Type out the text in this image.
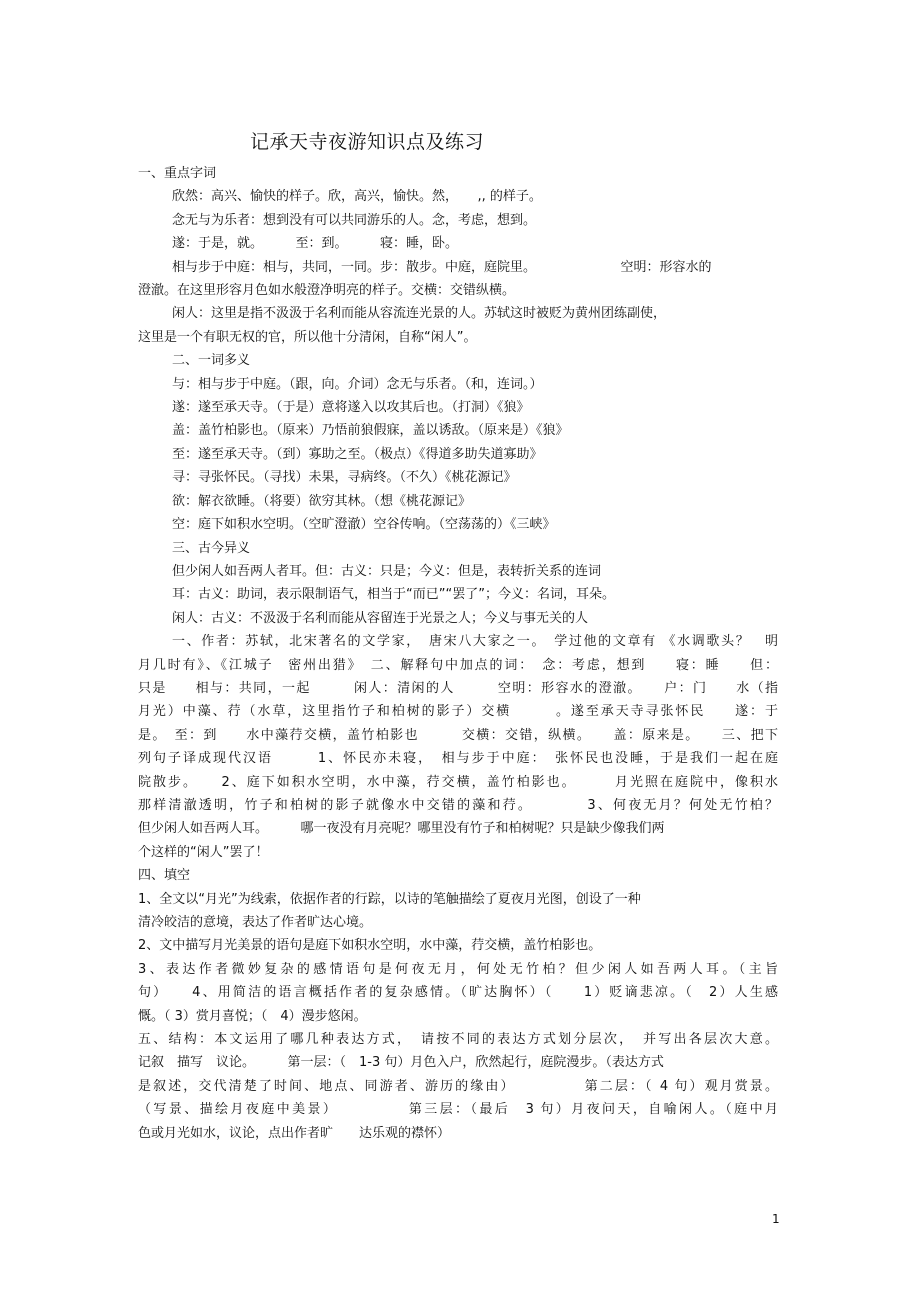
记承天寺夜游知识点及练习

一、重点字词

欣然：高兴、愉快的样子。欣，高兴，愉快。然，　　,, 的样子。

念无与为乐者：想到没有可以共同游乐的人。念，考虑，想到。

遂：于是，就。　　　至：到。　　　寝：睡，卧。

相与步于中庭：相与，共同，一同。步：散步。中庭，庭院里。　　　　　　　空明：形容水的

澄澈。在这里形容月色如水般澄净明亮的样子。交横：交错纵横。

闲人：这里是指不汲汲于名利而能从容流连光景的人。苏轼这时被贬为黄州团练副使，

这里是一个有职无权的官，所以他十分清闲，自称“闲人”。

二、一词多义

与：相与步于中庭。（跟，向。介词）念无与乐者。（和，连词。）

遂：遂至承天寺。（于是）意将遂入以攻其后也。（打洞）《狼》

盖：盖竹柏影也。（原来）乃悟前狼假寐，盖以诱敌。（原来是）《狼》

至：遂至承天寺。（到）寡助之至。（极点）《得道多助失道寡助》

寻：寻张怀民。（寻找）未果，寻病终。（不久）《桃花源记》

欲：解衣欲睡。（将要）欲穷其林。（想《桃花源记》

空：庭下如积水空明。（空旷澄澈）空谷传响。（空荡荡的）《三峡》

三、古今异义

但少闲人如吾两人者耳。但：古义：只是；今义：但是，表转折关系的连词

耳：古义：助词，表示限制语气，相当于“而已”“罢了”；今义：名词，耳朵。

闲人：古义：不汲汲于名利而能从容留连于光景之人；今义与事无关的人

一、作者：苏轼，北宋著名的文学家，　唐宋八大家之一。　学过他的文章有 《水调歌头？　明

月几时有》、《江城子　密州出猎》　二、解释句中加点的词：　念：考虑，想到　　寝：睡　　但：

只是　　相与：共同，一起　　　闲人：清闲的人　　　空明：形容水的澄澈。　　户：门　　水（指

月光）中藻、荇（水草，这里指竹子和柏树的影子）交横　　　。遂至承天寺寻张怀民　　遂：于

是。　至：到　　水中藻荇交横，盖竹柏影也　　　交横：交错，纵横。　　盖：原来是。　　三、把下

列句子译成现代汉语　　　1、怀民亦未寝，　相与步于中庭：　张怀民也没睡，于是我们一起在庭

院散步。　　2、庭下如积水空明，水中藻，荇交横，盖竹柏影也。　　　月光照在庭院中，像积水

那样清澈透明，竹子和柏树的影子就像水中交错的藻和荇。　　　　3、何夜无月？何处无竹柏？

但少闲人如吾两人耳。　　　哪一夜没有月亮呢？哪里没有竹子和柏树呢？只是缺少像我们两

个这样的“闲人”罢了！

四、填空

1、全文以“月光”为线索，依据作者的行踪，以诗的笔触描绘了夏夜月光图，创设了一种

清冷皎洁的意境，表达了作者旷达心境。

2、文中描写月光美景的语句是庭下如积水空明，水中藻，荇交横，盖竹柏影也。

3、表达作者微妙复杂的感情语句是何夜无月，何处无竹柏？但少闲人如吾两人耳。（主旨

句）　　4、用简洁的语言概括作者的复杂感情。（旷达胸怀）（　　1）贬谪悲凉。（　2）人生感

慨。（ 3）赏月喜悦；（　4）漫步悠闲。

五、结构：本文运用了哪几种表达方式，　请按不同的表达方式划分层次，　并写出各层次大意。

记叙　描写　议论。　　　第一层：（　1-3 句）月色入户，欣然起行，庭院漫步。（表达方式

是叙述，交代清楚了时间、地点、同游者、游历的缘由）　　　　　第二层：（ 4 句）观月赏景。

（写景、描绘月夜庭中美景）　　　　　第三层：（最后　3 句）月夜问天，自喻闲人。（庭中月

色或月光如水，议论，点出作者旷　　达乐观的襟怀）

1
